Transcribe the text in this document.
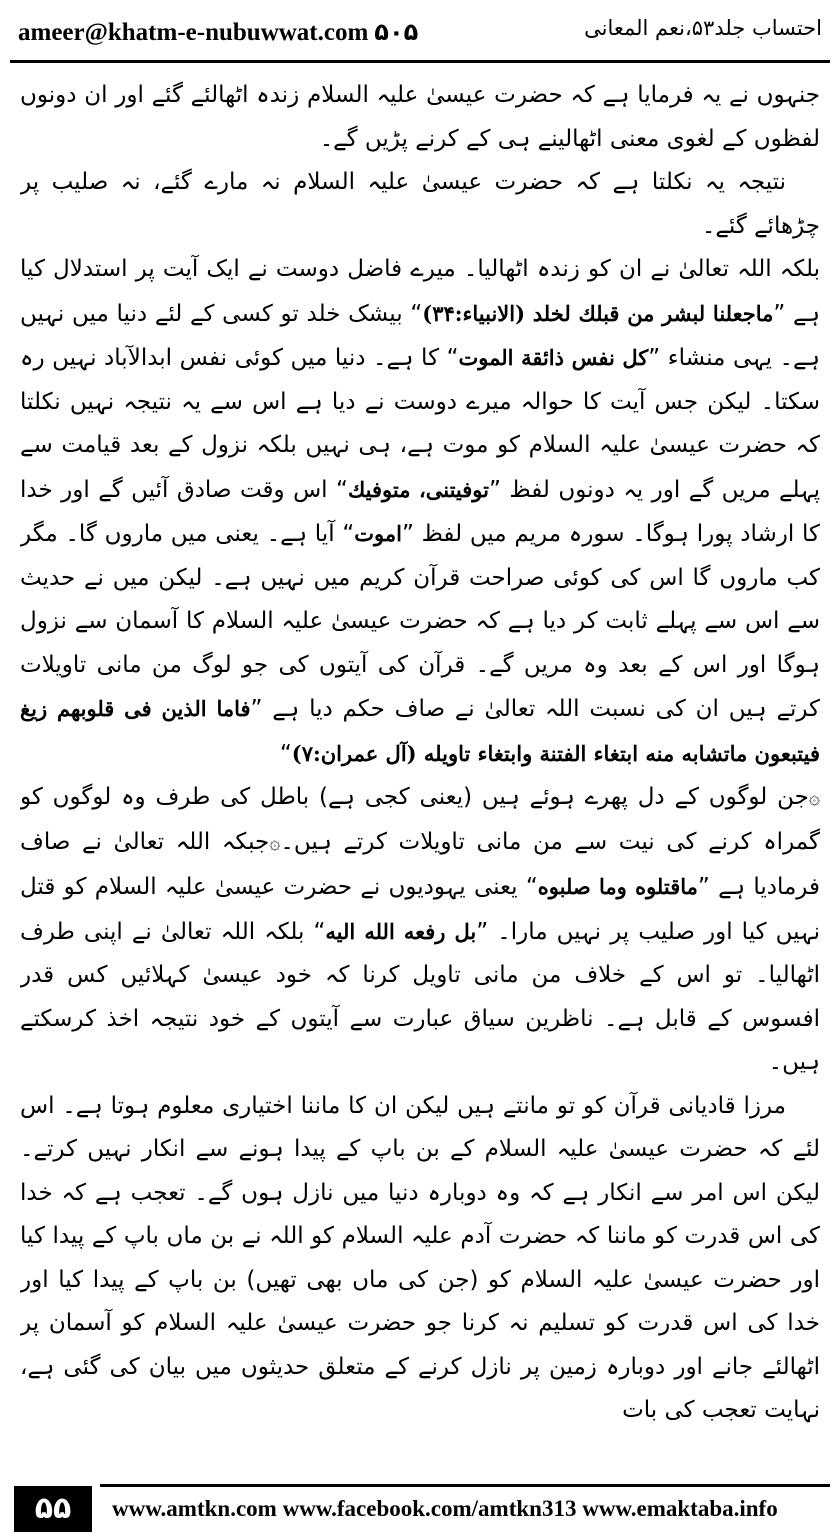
ameer@khatm-e-nubuwwat.com ۵۰۵	احتساب جلد۵۳،نعم المعانی

جنہوں نے یہ فرمایا ہے کہ حضرت عیسیٰ علیہ السلام زندہ اٹھالئے گئے اور ان دونوں لفظوں کے لغوی معنی اٹھالینے ہی کے کرنے پڑیں گے۔

نتیجہ یہ نکلتا ہے کہ حضرت عیسیٰ علیہ السلام نہ مارے گئے، نہ صلیب پر چڑھائے گئے۔

بلکہ اللہ تعالیٰ نے ان کو زندہ اٹھالیا۔ میرے فاضل دوست نے ایک آیت پر استدلال کیا ہے ”ماجعلنا لبشر من قبلك لخلد (الانبیاء:۳۴)“ بیشک خلد تو کسی کے لئے دنیا میں نہیں ہے۔ یہی منشاء ”کل نفس ذائقة الموت“ کا ہے۔ دنیا میں کوئی نفس ابدالآباد نہیں رہ سکتا۔ لیکن جس آیت کا حوالہ میرے دوست نے دیا ہے اس سے یہ نتیجہ نہیں نکلتا کہ حضرت عیسیٰ علیہ السلام کو موت ہے، ہی نہیں بلکہ نزول کے بعد قیامت سے پہلے مریں گے اور یہ دونوں لفظ ”توفیتنی، متوفیك“ اس وقت صادق آئیں گے اور خدا کا ارشاد پورا ہوگا۔ سورہ مریم میں لفظ ”اموت“ آیا ہے۔ یعنی میں ماروں گا۔ مگر کب ماروں گا اس کی کوئی صراحت قرآن کریم میں نہیں ہے۔ لیکن میں نے حدیث سے اس سے پہلے ثابت کر دیا ہے کہ حضرت عیسیٰ علیہ السلام کا آسمان سے نزول ہوگا اور اس کے بعد وہ مریں گے۔ قرآن کی آیتوں کی جو لوگ من مانی تاویلات کرتے ہیں ان کی نسبت اللہ تعالیٰ نے صاف حکم دیا ہے ”فاما الذین فی قلوبهم زیغ فیتبعون ماتشابه منه ابتغاء الفتنة وابتغاء تاویله (آل عمران:۷)“

۞جن لوگوں کے دل پھرے ہوئے ہیں (یعنی کجی ہے) باطل کی طرف وہ لوگوں کو گمراہ کرنے کی نیت سے من مانی تاویلات کرتے ہیں۔۞جبکہ اللہ تعالیٰ نے صاف فرمادیا ہے ”ماقتلوه وما صلبوه“ یعنی یہودیوں نے حضرت عیسیٰ علیہ السلام کو قتل نہیں کیا اور صلیب پر نہیں مارا۔ ”بل رفعه الله الیه“ بلکہ اللہ تعالیٰ نے اپنی طرف اٹھالیا۔ تو اس کے خلاف من مانی تاویل کرنا کہ خود عیسیٰ کہلائیں کس قدر افسوس کے قابل ہے۔ ناظرین سیاق عبارت سے آیتوں کے خود نتیجہ اخذ کرسکتے ہیں۔

مرزا قادیانی قرآن کو تو مانتے ہیں لیکن ان کا ماننا اختیاری معلوم ہوتا ہے۔ اس لئے کہ حضرت عیسیٰ علیہ السلام کے بن باپ کے پیدا ہونے سے انکار نہیں کرتے۔ لیکن اس امر سے انکار ہے کہ وہ دوبارہ دنیا میں نازل ہوں گے۔ تعجب ہے کہ خدا کی اس قدرت کو ماننا کہ حضرت آدم علیہ السلام کو اللہ نے بن ماں باپ کے پیدا کیا اور حضرت عیسیٰ علیہ السلام کو (جن کی ماں بھی تھیں) بن باپ کے پیدا کیا اور خدا کی اس قدرت کو تسلیم نہ کرنا جو حضرت عیسیٰ علیہ السلام کو آسمان پر اٹھالئے جانے اور دوبارہ زمین پر نازل کرنے کے متعلق حدیثوں میں بیان کی گئی ہے، نہایت تعجب کی بات

۵۵	www.amtkn.com www.facebook.com/amtkn313 www.emaktaba.info
